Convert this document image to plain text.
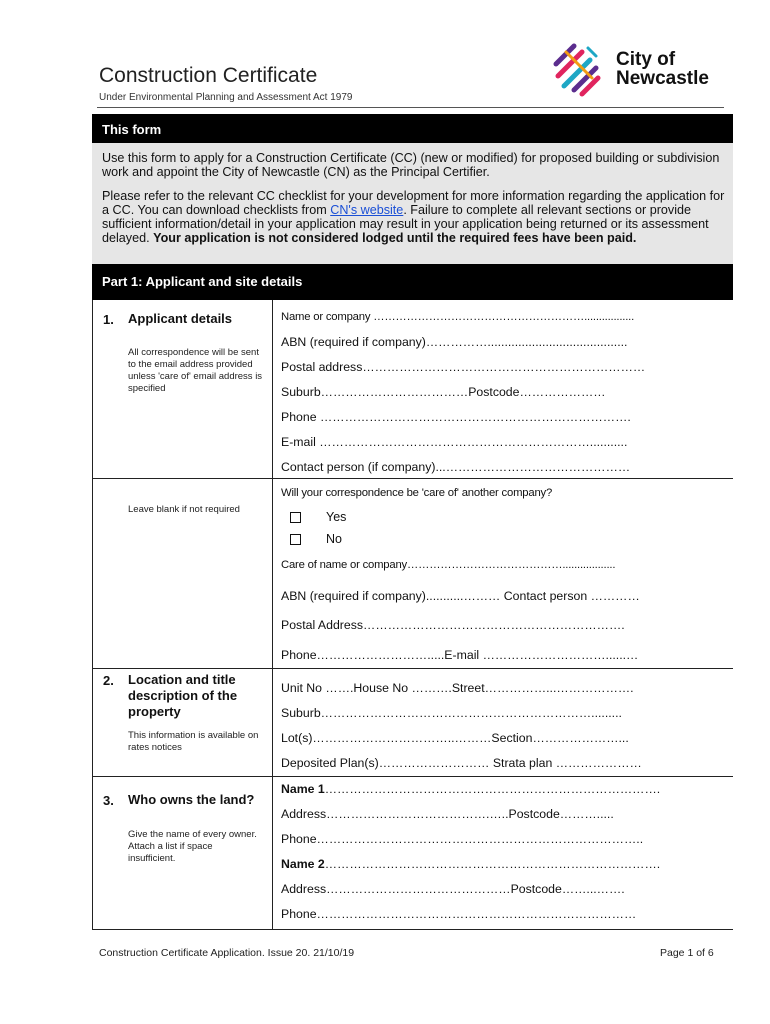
Construction Certificate
Under Environmental Planning and Assessment Act 1979
City of
Newcastle
This form

Use this form to apply for a Construction Certificate (CC) (new or modified) for proposed building or subdivision work and appoint the City of Newcastle (CN) as the Principal Certifier.

Please refer to the relevant CC checklist for your development for more information regarding the application for a CC. You can download checklists from CN's website. Failure to complete all relevant sections or provide sufficient information/detail in your application may result in your application being returned or its assessment delayed. Your application is not considered lodged until the required fees have been paid.

Part 1: Applicant and site details
1. Applicant details
All correspondence will be sent to the email address provided unless 'care of' email address is specified
Name or company ………………………………………………….................
ABN (required if company)…………….........................................
Postal address……………………………………………………………
Suburb………………………………Postcode…………………
Phone ………………………………………………………………….
E-mail …………………………………………………………...........
Contact person (if company)...………………………………………
Leave blank if not required
Will your correspondence be 'care of' another company?
Yes
No
Care of name or company……………………………………..................
ABN (required if company)...........……… Contact person …………
Postal Address……………………………………………………….
Phone……………………….....E-mail …………………………......…
2. Location and title description of the property
This information is available on rates notices
Unit No …….House No ……….Street……………...……………….
Suburb………………………………………………………….........
Lot(s)……………………………..………Section…………………...
Deposited Plan(s)……………………… Strata plan …………………
3. Who owns the land?
Give the name of every owner. Attach a list if space insufficient.
Name 1……………………………………………………………………….
Address………………………………….…..Postcode……….....
Phone……………………………………………………………………..
Name 2……………………………………………………………………….
Address………………………………………Postcode……...…….
Phone……………………………………………………………………
Construction Certificate Application. Issue 20. 21/10/19	Page 1 of 6
